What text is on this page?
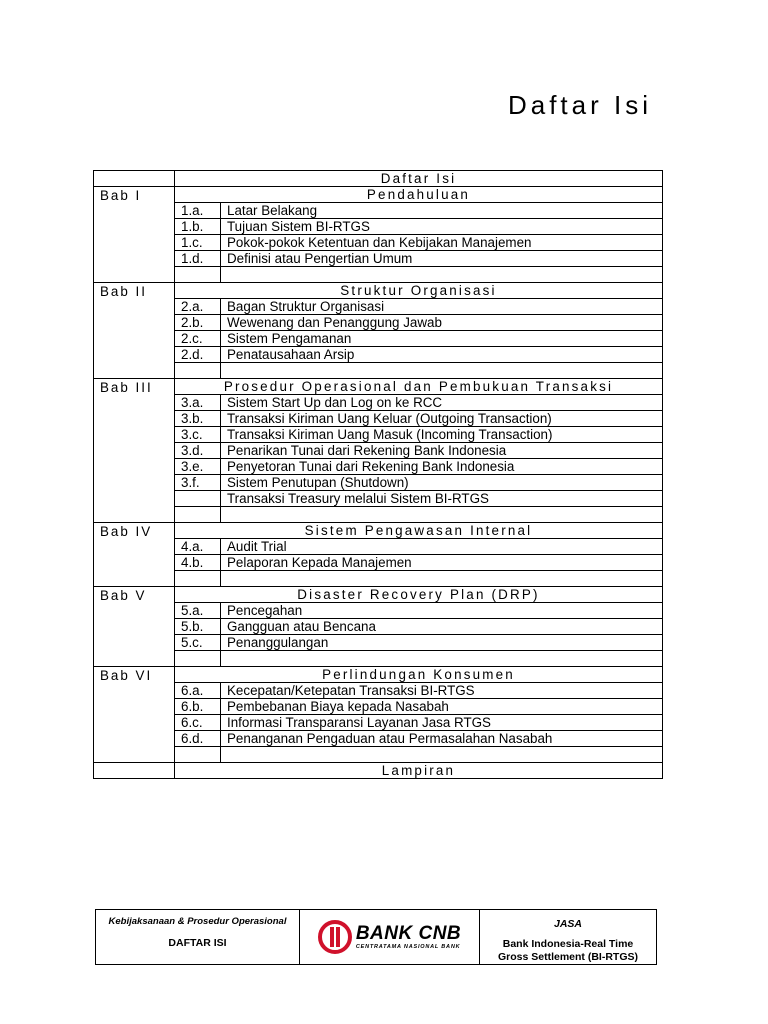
Daftar Isi
	Daftar Isi	
Bab I	Pendahuluan	
	1.a.	Latar Belakang
	1.b.	Tujuan Sistem BI-RTGS
	1.c.	Pokok-pokok Ketentuan dan Kebijakan Manajemen
	1.d.	Definisi atau Pengertian Umum

Bab II	Struktur Organisasi	
	2.a.	Bagan Struktur Organisasi
	2.b.	Wewenang dan Penanggung Jawab
	2.c.	Sistem Pengamanan
	2.d.	Penatausahaan Arsip

Bab III	Prosedur Operasional dan Pembukuan Transaksi	
	3.a.	Sistem Start Up dan Log on ke RCC
	3.b.	Transaksi Kiriman Uang Keluar (Outgoing Transaction)
	3.c.	Transaksi Kiriman Uang Masuk (Incoming Transaction)
	3.d.	Penarikan Tunai dari Rekening Bank Indonesia
	3.e.	Penyetoran Tunai dari Rekening Bank Indonesia
	3.f.	Sistem Penutupan (Shutdown)
		Transaksi Treasury melalui Sistem BI-RTGS

Bab IV	Sistem Pengawasan Internal	
	4.a.	Audit Trial
	4.b.	Pelaporan Kepada Manajemen

Bab V	Disaster Recovery Plan (DRP)	
	5.a.	Pencegahan
	5.b.	Gangguan atau Bencana
	5.c.	Penanggulangan

Bab VI	Perlindungan Konsumen	
	6.a.	Kecepatan/Ketepatan Transaksi BI-RTGS
	6.b.	Pembebanan Biaya kepada Nasabah
	6.c.	Informasi Transparansi Layanan Jasa RTGS
	6.d.	Penanganan Pengaduan atau Permasalahan Nasabah

	Lampiran	
Kebijaksanaan & Prosedur Operasional
DAFTAR ISI	BANK CNB
CENTRATAMA NASIONAL BANK
JASA
Bank Indonesia-Real Time
Gross Settlement (BI-RTGS)
